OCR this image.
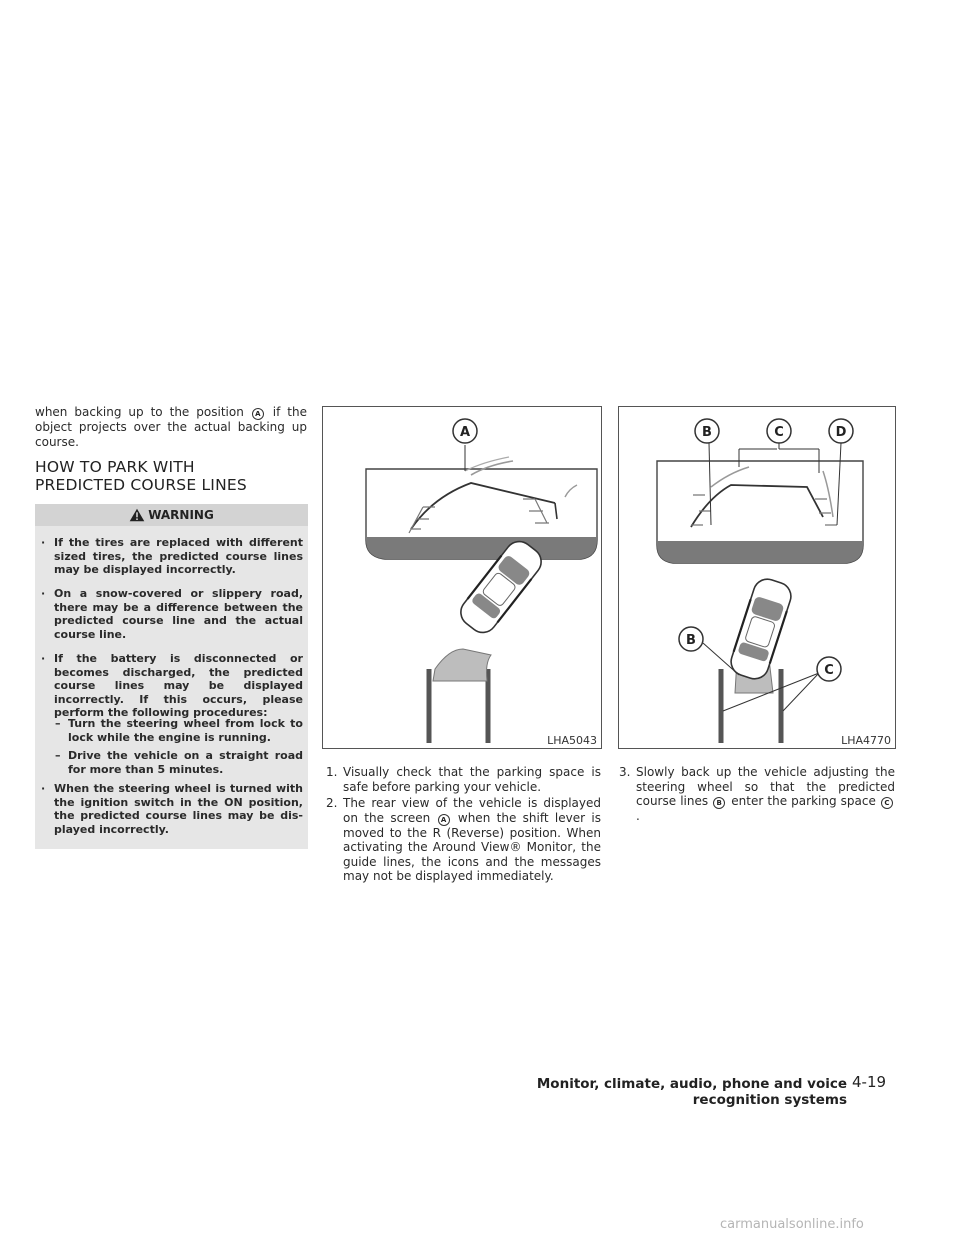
when backing up to the position A if the object projects over the actual backing up course.
HOW TO PARK WITH
PREDICTED COURSE LINES
WARNING
· If the tires are replaced with different sized tires, the predicted course lines may be displayed incorrectly.
· On a snow-covered or slippery road, there may be a difference between the predicted course line and the actual course line.
· If the battery is disconnected or becomes discharged, the predicted course lines may be displayed incorrectly. If this occurs, please perform the following procedures:
– Turn the steering wheel from lock to lock while the engine is running.
– Drive the vehicle on a straight road for more than 5 minutes.
· When the steering wheel is turned with the ignition switch in the ON position, the predicted course lines may be dis- played incorrectly.
A
LHA5043
B	C	D
B
C
LHA4770
1. Visually check that the parking space is safe before parking your vehicle.
2. The rear view of the vehicle is displayed on the screen A when the shift lever is moved to the R (Reverse) position. When activating the Around View® Monitor, the guide lines, the icons and the messages may not be displayed immediately.
3. Slowly back up the vehicle adjusting the steering wheel so that the predicted course lines B enter the parking space C.
Monitor, climate, audio, phone and voice recognition systems
4-19
carmanualsonline.info
